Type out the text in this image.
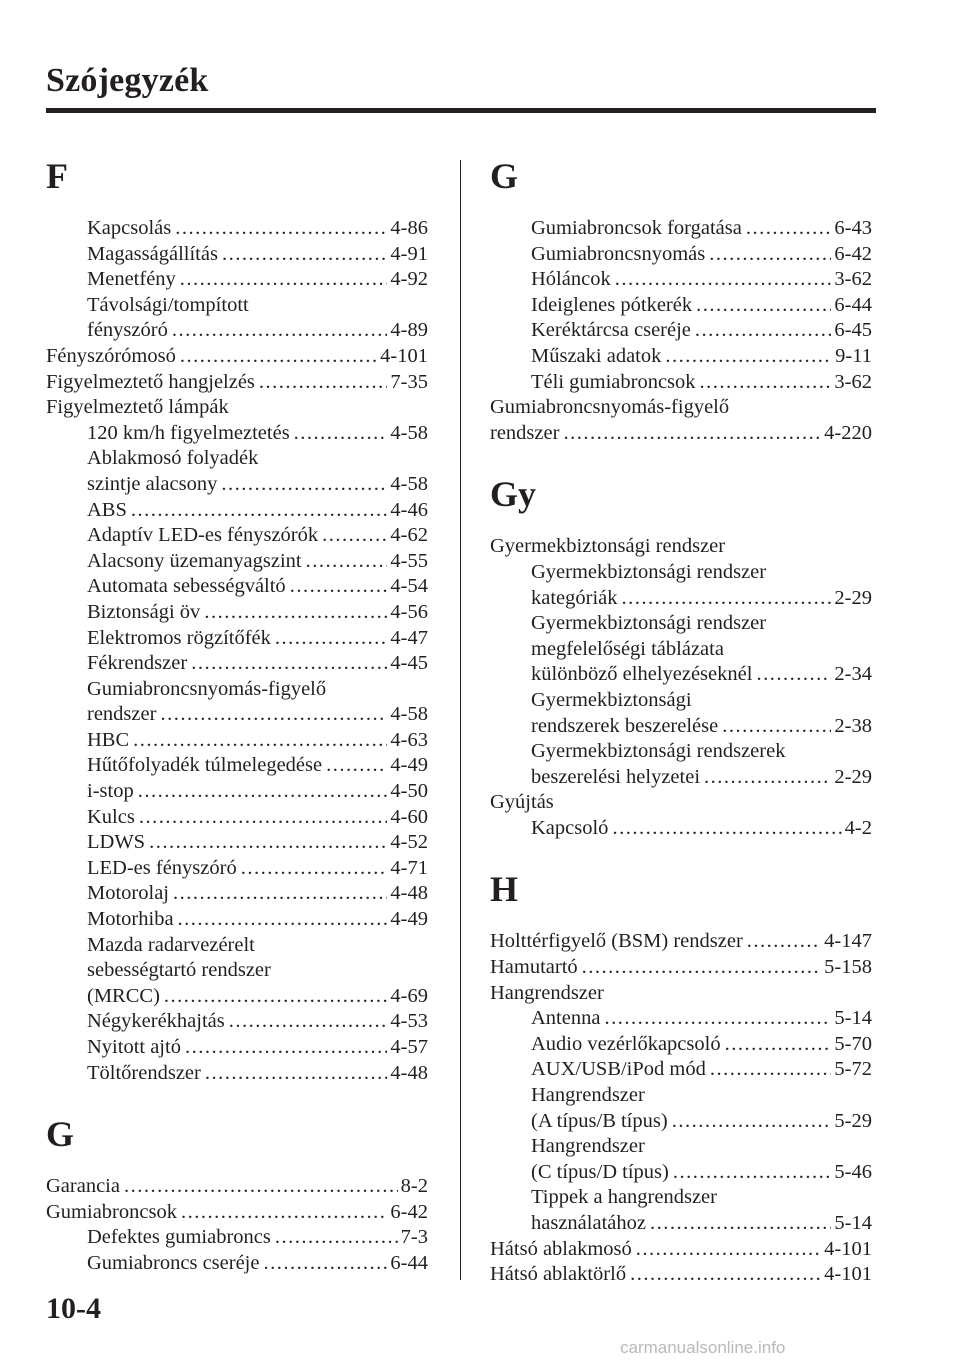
Szójegyzék
F
Kapcsolás .....	4-86
Magasságállítás .....	4-91
Menetfény .....	4-92
Távolsági/tompított
fényszóró .....	4-89
Fényszórómosó .....	4-101
Figyelmeztető hangjelzés .....	7-35
Figyelmeztető lámpák
120 km/h figyelmeztetés .....	4-58
Ablakmosó folyadék
szintje alacsony .....	4-58
ABS .....	4-46
Adaptív LED-es fényszórók .....	4-62
Alacsony üzemanyagszint .....	4-55
Automata sebességváltó .....	4-54
Biztonsági öv .....	4-56
Elektromos rögzítőfék .....	4-47
Fékrendszer .....	4-45
Gumiabroncsnyomás-figyelő
rendszer .....	4-58
HBC .....	4-63
Hűtőfolyadék túlmelegedése .....	4-49
i-stop .....	4-50
Kulcs .....	4-60
LDWS .....	4-52
LED-es fényszóró .....	4-71
Motorolaj .....	4-48
Motorhiba .....	4-49
Mazda radarvezérelt
sebességtartó rendszer
(MRCC) .....	4-69
Négykerékhajtás .....	4-53
Nyitott ajtó .....	4-57
Töltőrendszer .....	4-48
G
Garancia .....	8-2
Gumiabroncsok .....	6-42
Defektes gumiabroncs .....	7-3
Gumiabroncs cseréje .....	6-44
G
Gumiabroncsok forgatása .....	6-43
Gumiabroncsnyomás .....	6-42
Hóláncok .....	3-62
Ideiglenes pótkerék .....	6-44
Keréktárcsa cseréje .....	6-45
Műszaki adatok .....	9-11
Téli gumiabroncsok .....	3-62
Gumiabroncsnyomás-figyelő
rendszer .....	4-220
Gy
Gyermekbiztonsági rendszer
Gyermekbiztonsági rendszer
kategóriák .....	2-29
Gyermekbiztonsági rendszer
megfelelőségi táblázata
különböző elhelyezéseknél .....	2-34
Gyermekbiztonsági
rendszerek beszerelése .....	2-38
Gyermekbiztonsági rendszerek
beszerelési helyzetei .....	2-29
Gyújtás
Kapcsoló .....	4-2
H
Holttérfigyelő (BSM) rendszer .....	4-147
Hamutartó .....	5-158
Hangrendszer
Antenna .....	5-14
Audio vezérlőkapcsoló .....	5-70
AUX/USB/iPod mód .....	5-72
Hangrendszer
(A típus/B típus) .....	5-29
Hangrendszer
(C típus/D típus) .....	5-46
Tippek a hangrendszer
használatához .....	5-14
Hátsó ablakmosó .....	4-101
Hátsó ablaktörlő .....	4-101
10-4
carmanualsonline.info
